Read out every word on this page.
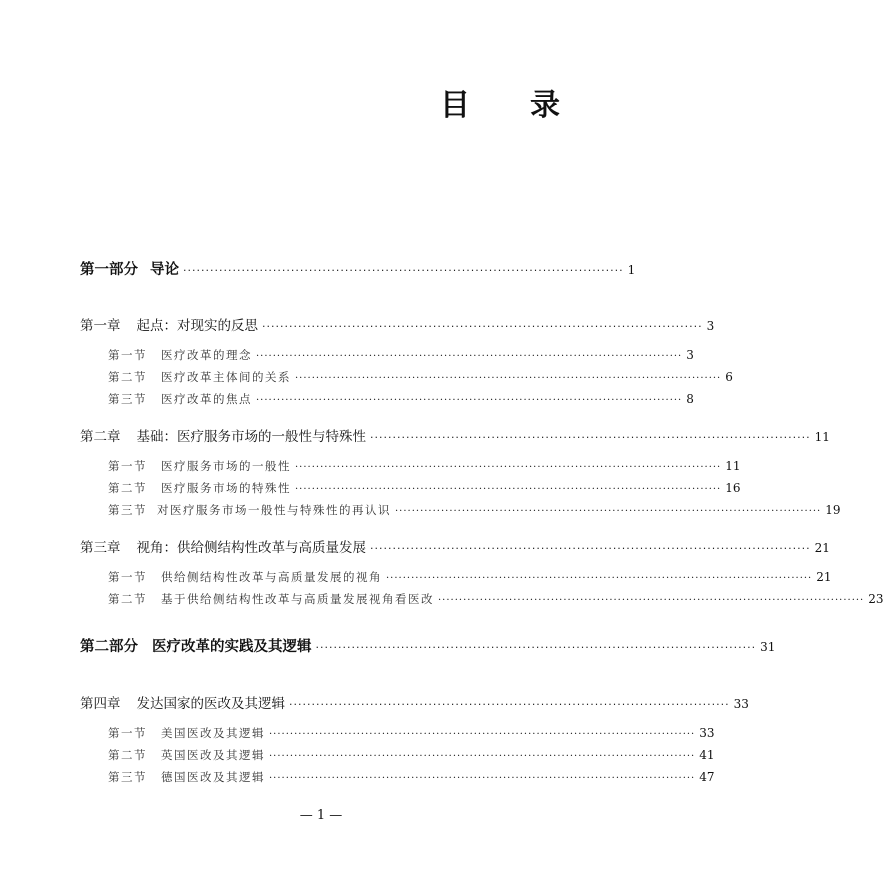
目 录
第一部分 导论 ·································································································· 1
第一章 起点：对现实的反思 ·································································································· 3
第一节 医疗改革的理念 ······································································································ 3
第二节 医疗改革主体间的关系 ······································································································ 6
第三节 医疗改革的焦点 ······································································································ 8
第二章 基础：医疗服务市场的一般性与特殊性 ·································································································· 11
第一节 医疗服务市场的一般性 ······································································································ 11
第二节 医疗服务市场的特殊性 ······································································································ 16
第三节 对医疗服务市场一般性与特殊性的再认识 ······································································································ 19
第三章 视角：供给侧结构性改革与高质量发展 ·································································································· 21
第一节 供给侧结构性改革与高质量发展的视角 ······································································································ 21
第二节 基于供给侧结构性改革与高质量发展视角看医改 ······································································································ 23
第二部分 医疗改革的实践及其逻辑 ·································································································· 31
第四章 发达国家的医改及其逻辑 ·································································································· 33
第一节 美国医改及其逻辑 ······································································································ 33
第二节 英国医改及其逻辑 ······································································································ 41
第三节 德国医改及其逻辑 ······································································································ 47
— 1 —
